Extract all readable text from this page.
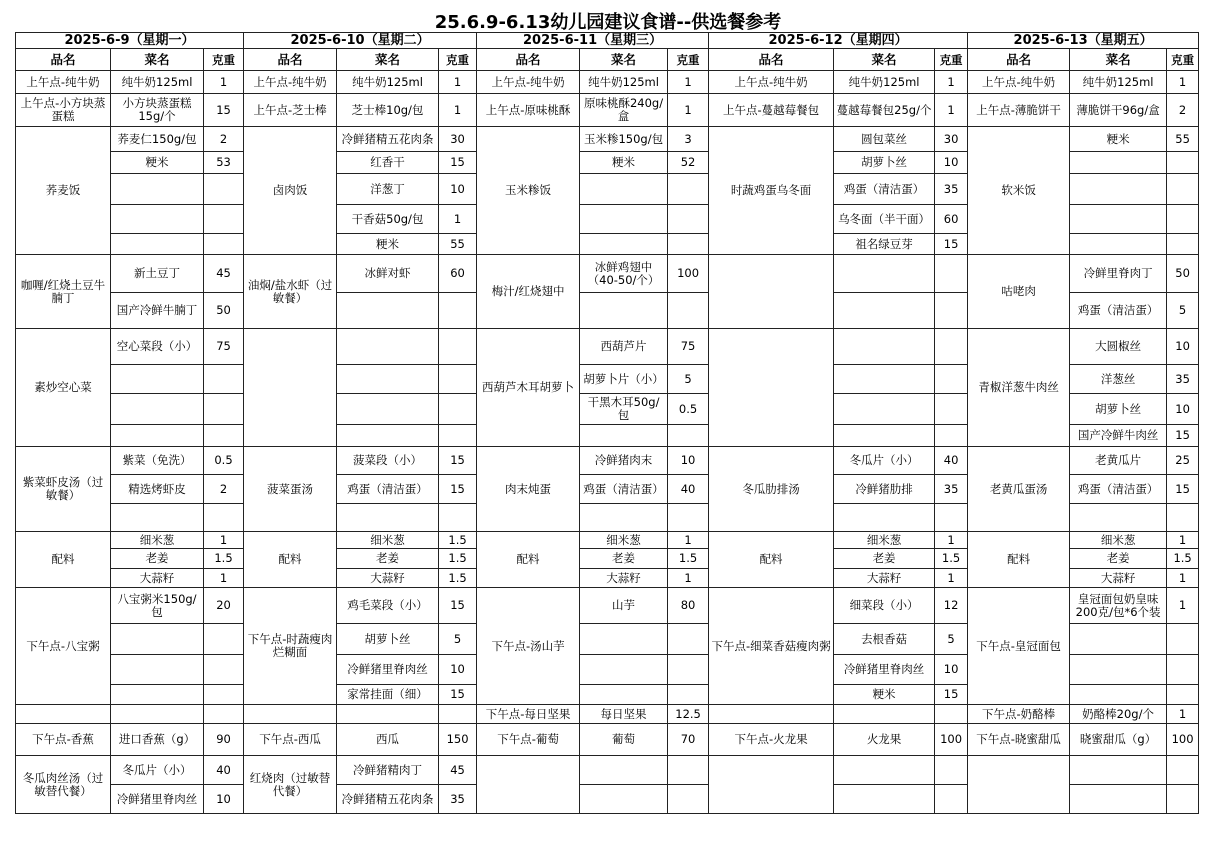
25.6.9-6.13幼儿园建议食谱--供选餐参考
2025-6-9（星期一）			2025-6-10（星期二）			2025-6-11（星期三）			2025-6-12（星期四）			2025-6-13（星期五）		
品名	菜名	克重	品名	菜名	克重	品名	菜名	克重	品名	菜名	克重	品名	菜名	克重
上午点-纯牛奶	纯牛奶125ml	1	上午点-纯牛奶	纯牛奶125ml	1	上午点-纯牛奶	纯牛奶125ml	1	上午点-纯牛奶	纯牛奶125ml	1	上午点-纯牛奶	纯牛奶125ml	1
上午点-小方块蒸蛋糕	小方块蒸蛋糕15g/个	15	上午点-芝士棒	芝士棒10g/包	1	上午点-原味桃酥	原味桃酥240g/盒	1	上午点-蔓越莓餐包	蔓越莓餐包25g/个	1	上午点-薄脆饼干	薄脆饼干96g/盒	2
荞麦饭	荞麦仁150g/包	2	卤肉饭	冷鲜猪精五花肉条	30	玉米糁饭	玉米糁150g/包	3	时蔬鸡蛋乌冬面	圆包菜丝	30	软米饭	粳米	55
	粳米	53		红香干	15		粳米	52		胡萝卜丝	10			
				洋葱丁	10					鸡蛋（清洁蛋）	35			
				干香菇50g/包	1					乌冬面（半干面）	60			
				粳米	55					祖名绿豆芽	15			
咖喱/红烧土豆牛腩丁	新土豆丁	45	油焖/盐水虾（过敏餐）	冰鲜对虾	60	梅汁/红烧翅中	冰鲜鸡翅中（40-50/个）	100				咕咾肉	冷鲜里脊肉丁	50
	国产冷鲜牛腩丁	50											鸡蛋（清洁蛋）	5
素炒空心菜	空心菜段（小）	75				西葫芦木耳胡萝卜	西葫芦片	75				青椒洋葱牛肉丝	大圆椒丝	10
							胡萝卜片（小）	5					洋葱丝	35
							干黑木耳50g/包	0.5					胡萝卜丝	10
													国产冷鲜牛肉丝	15
紫菜虾皮汤（过敏餐）	紫菜（免洗）	0.5	菠菜蛋汤	菠菜段（小）	15	肉末炖蛋	冷鲜猪肉末	10	冬瓜肋排汤	冬瓜片（小）	40	老黄瓜蛋汤	老黄瓜片	25
	精选烤虾皮	2		鸡蛋（清洁蛋）	15		鸡蛋（清洁蛋）	40		冷鲜猪肋排	35		鸡蛋（清洁蛋）	15

配料	细米葱	1	配料	细米葱	1.5	配料	细米葱	1	配料	细米葱	1	配料	细米葱	1
	老姜	1.5		老姜	1.5		老姜	1.5		老姜	1.5		老姜	1.5
	大蒜籽	1		大蒜籽	1.5		大蒜籽	1		大蒜籽	1		大蒜籽	1
下午点-八宝粥	八宝粥米150g/包	20	下午点-时蔬瘦肉烂糊面	鸡毛菜段（小）	15	下午点-汤山芋	山芋	80	下午点-细菜香菇瘦肉粥	细菜段（小）	12	下午点-皇冠面包	皇冠面包奶皇味200克/包*6个装	1
				胡萝卜丝	5					去根香菇	5			
				冷鲜猪里脊肉丝	10					冷鲜猪里脊肉丝	10			
				家常挂面（细）	15					粳米	15			
						下午点-每日坚果	每日坚果	12.5				下午点-奶酪棒	奶酪棒20g/个	1
下午点-香蕉	进口香蕉（g）	90	下午点-西瓜	西瓜	150	下午点-葡萄	葡萄	70	下午点-火龙果	火龙果	100	下午点-晓蜜甜瓜	晓蜜甜瓜（g）	100
冬瓜肉丝汤（过敏替代餐）	冬瓜片（小）	40	红烧肉（过敏替代餐）	冷鲜猪精肉丁	45									
	冷鲜猪里脊肉丝	10		冷鲜猪精五花肉条	35									
